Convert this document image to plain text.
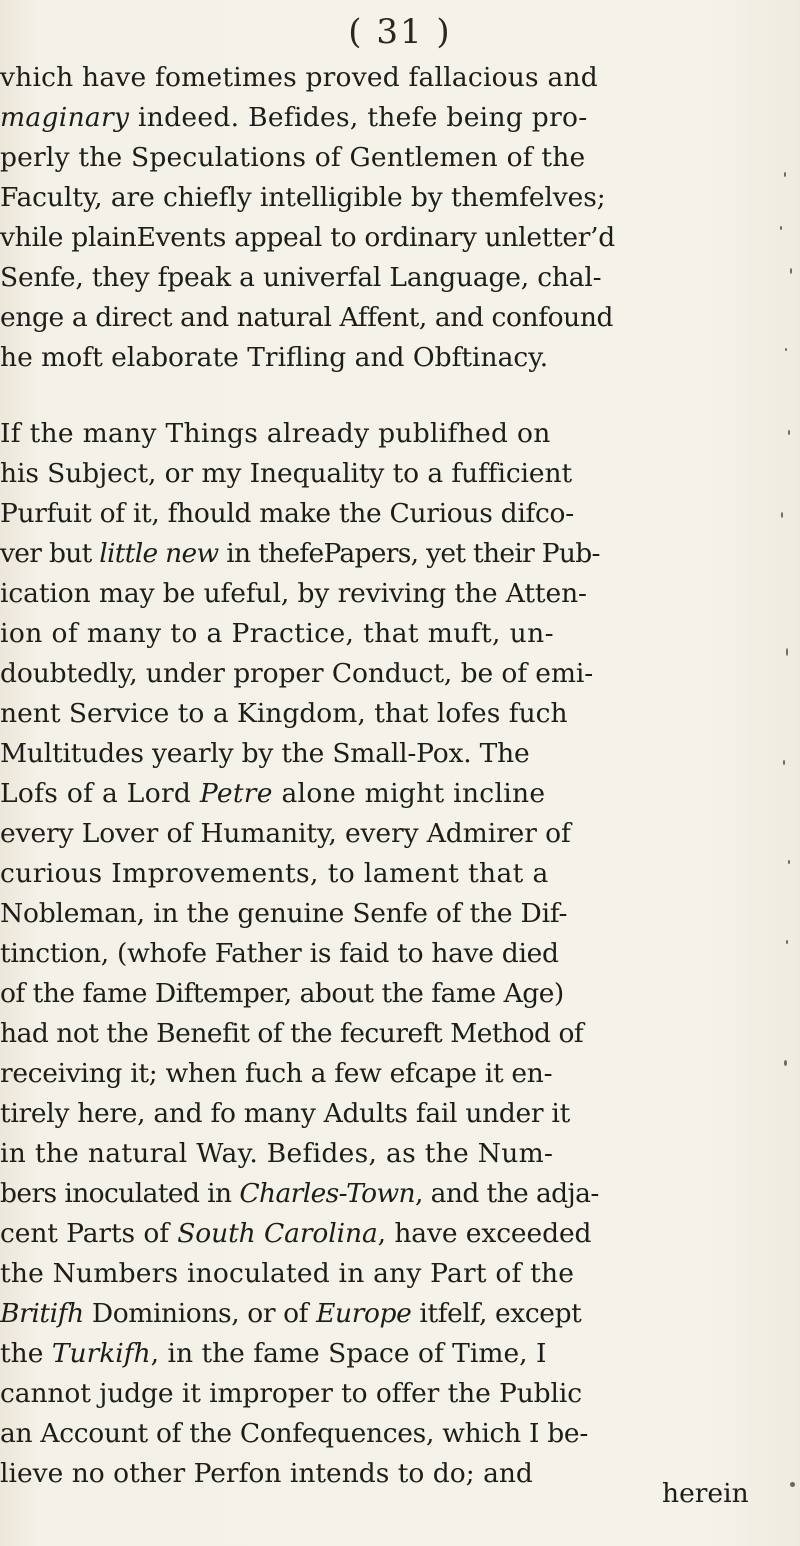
( 31 )
vhich have fometimes proved fallacious and
maginary indeed. Befides, thefe being pro-
perly the Speculations of Gentlemen of the
Faculty, are chiefly intelligible by themfelves;
vhile plainEvents appeal to ordinary unletter’d
Senfe, they fpeak a univerfal Language, chal-
enge a direct and natural Affent, and confound
he moft elaborate Trifling and Obftinacy.
If the many Things already publifhed on
his Subject, or my Inequality to a fufficient
Purfuit of it, fhould make the Curious difco-
ver but little new in thefePapers, yet their Pub-
ication may be ufeful, by reviving the Atten-
ion of many to a Practice, that muft, un-
doubtedly, under proper Conduct, be of emi-
nent Service to a Kingdom, that lofes fuch
Multitudes yearly by the Small-Pox. The
Lofs of a Lord Petre alone might incline
every Lover of Humanity, every Admirer of
curious Improvements, to lament that a
Nobleman, in the genuine Senfe of the Dif-
tinction, (whofe Father is faid to have died
of the fame Diftemper, about the fame Age)
had not the Benefit of the fecureft Method of
receiving it; when fuch a few efcape it en-
tirely here, and fo many Adults fail under it
in the natural Way. Befides, as the Num-
bers inoculated in Charles-Town, and the adja-
cent Parts of South Carolina, have exceeded
the Numbers inoculated in any Part of the
Britifh Dominions, or of Europe itfelf, except
the Turkifh, in the fame Space of Time, I
cannot judge it improper to offer the Public
an Account of the Confequences, which I be-
lieve no other Perfon intends to do; and
herein
